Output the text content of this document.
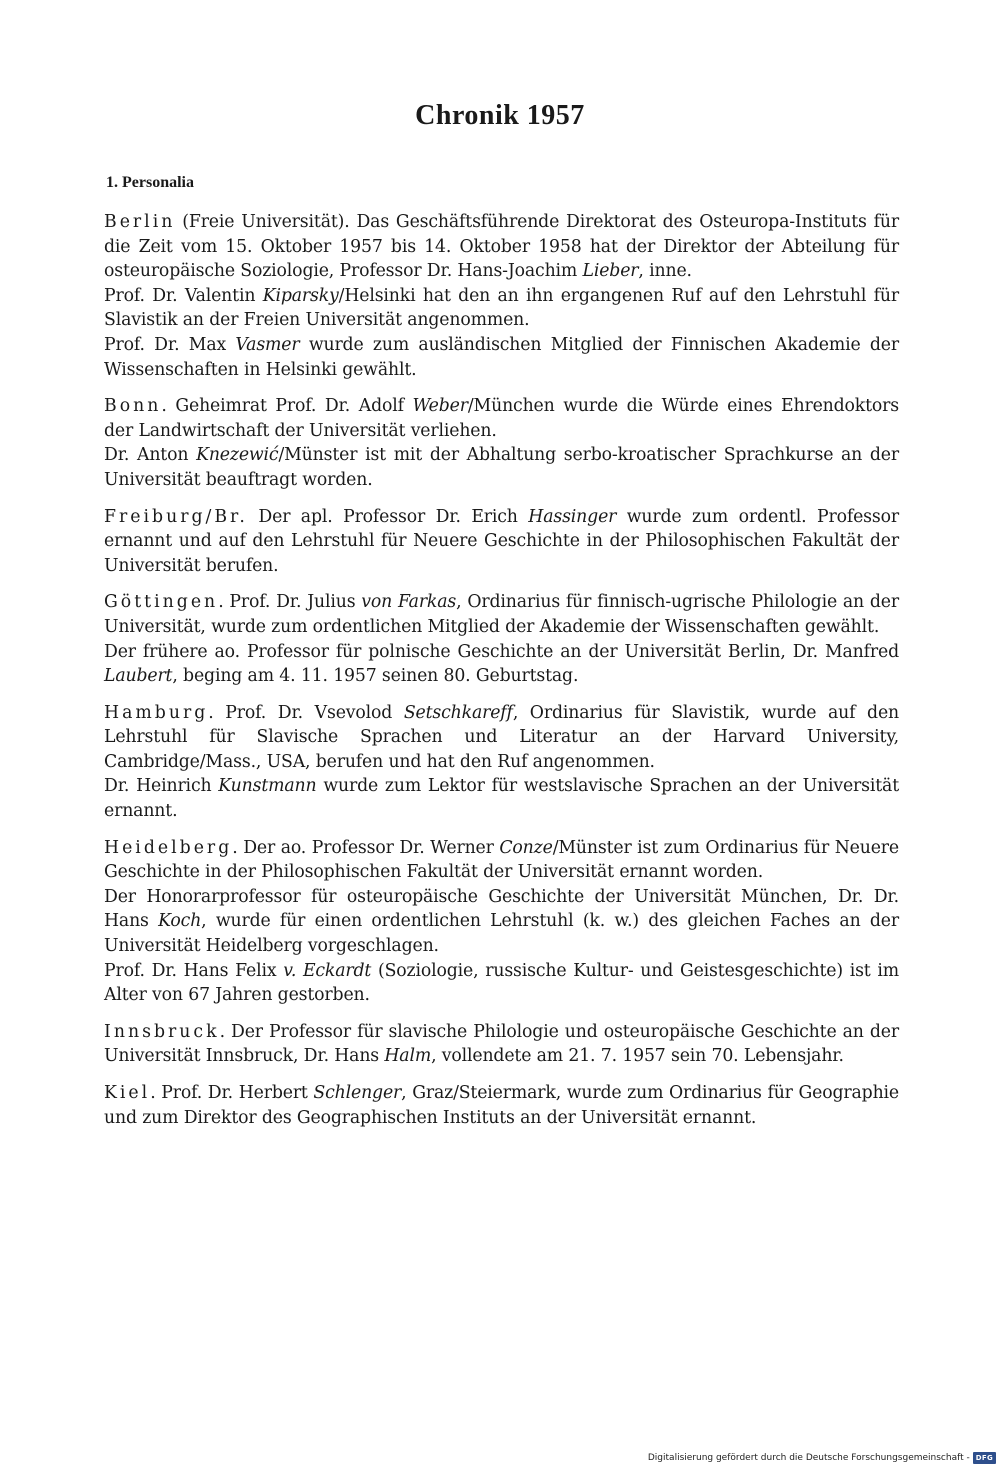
Chronik 1957
1. Personalia

Berlin (Freie Universität). Das Geschäftsführende Direktorat des Osteuropa-Instituts für die Zeit vom 15. Oktober 1957 bis 14. Oktober 1958 hat der Direktor der Abteilung für osteuropäische Soziologie, Professor Dr. Hans-Joachim Lieber, inne.

Prof. Dr. Valentin Kiparsky/Helsinki hat den an ihn ergangenen Ruf auf den Lehrstuhl für Slavistik an der Freien Universität angenommen.

Prof. Dr. Max Vasmer wurde zum ausländischen Mitglied der Finnischen Akademie der Wissenschaften in Helsinki gewählt.

Bonn. Geheimrat Prof. Dr. Adolf Weber/München wurde die Würde eines Ehrendoktors der Landwirtschaft der Universität verliehen.

Dr. Anton Knezewić/Münster ist mit der Abhaltung serbo-kroatischer Sprachkurse an der Universität beauftragt worden.

Freiburg/Br. Der apl. Professor Dr. Erich Hassinger wurde zum ordentl. Professor ernannt und auf den Lehrstuhl für Neuere Geschichte in der Philosophischen Fakultät der Universität berufen.

Göttingen. Prof. Dr. Julius von Farkas, Ordinarius für finnisch-ugrische Philologie an der Universität, wurde zum ordentlichen Mitglied der Akademie der Wissenschaften gewählt.

Der frühere ao. Professor für polnische Geschichte an der Universität Berlin, Dr. Manfred Laubert, beging am 4. 11. 1957 seinen 80. Geburtstag.

Hamburg. Prof. Dr. Vsevolod Setschkareff, Ordinarius für Slavistik, wurde auf den Lehrstuhl für Slavische Sprachen und Literatur an der Harvard University, Cambridge/Mass., USA, berufen und hat den Ruf angenommen.

Dr. Heinrich Kunstmann wurde zum Lektor für westslavische Sprachen an der Universität ernannt.

Heidelberg. Der ao. Professor Dr. Werner Conze/Münster ist zum Ordinarius für Neuere Geschichte in der Philosophischen Fakultät der Universität ernannt worden.

Der Honorarprofessor für osteuropäische Geschichte der Universität München, Dr. Dr. Hans Koch, wurde für einen ordentlichen Lehrstuhl (k. w.) des gleichen Faches an der Universität Heidelberg vorgeschlagen.

Prof. Dr. Hans Felix v. Eckardt (Soziologie, russische Kultur- und Geistesgeschichte) ist im Alter von 67 Jahren gestorben.

Innsbruck. Der Professor für slavische Philologie und osteuropäische Geschichte an der Universität Innsbruck, Dr. Hans Halm, vollendete am 21. 7. 1957 sein 70. Lebensjahr.

Kiel. Prof. Dr. Herbert Schlenger, Graz/Steiermark, wurde zum Ordinarius für Geographie und zum Direktor des Geographischen Instituts an der Universität ernannt.

Digitalisierung gefördert durch die Deutsche Forschungsgemeinschaft - DFG
